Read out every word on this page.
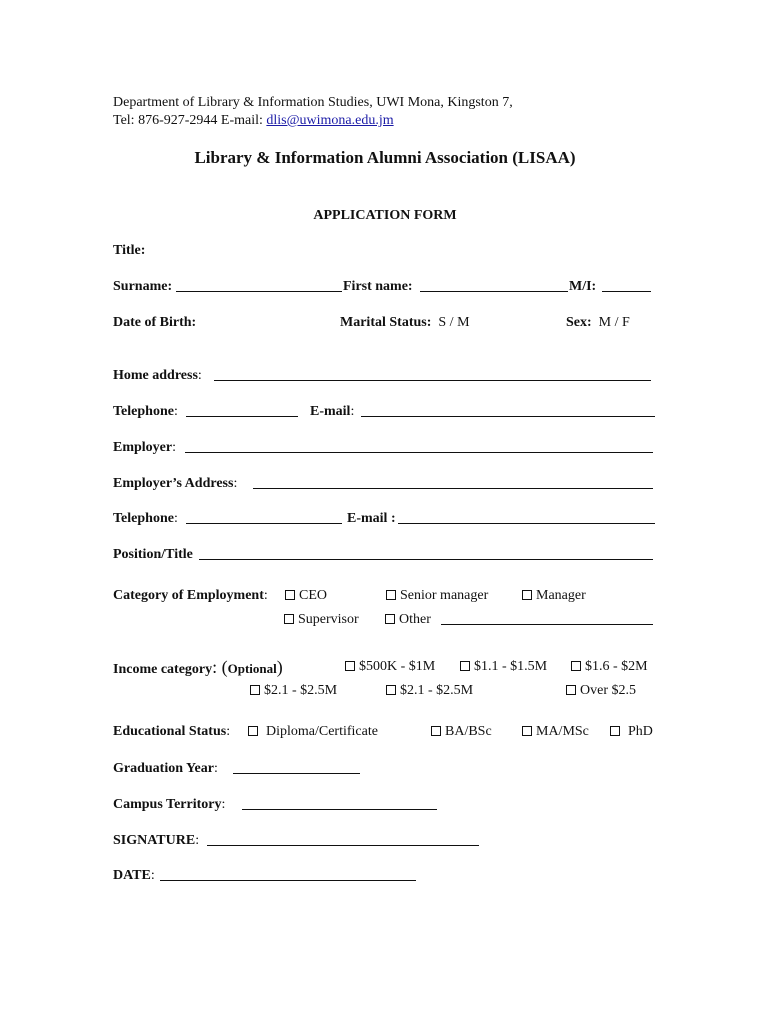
Department of Library & Information Studies, UWI Mona, Kingston 7,
Tel: 876-927-2944 E-mail: dlis@uwimona.edu.jm
Library & Information Alumni Association (LISAA)
APPLICATION FORM
Title:
Surname:	First name:	M/I:
Date of Birth:	Marital Status: S / M	Sex: M / F
Home address:
Telephone:	E-mail:
Employer:
Employer’s Address:
Telephone:	E-mail :
Position/Title
Category of Employment:	CEO	Senior manager	Manager
Supervisor	Other
Income category: (Optional)	$500K - $1M	$1.1 - $1.5M	$1.6 - $2M
$2.1 - $2.5M	$2.1 - $2.5M	Over $2.5
Educational Status:	Diploma/Certificate	BA/BSc	MA/MSc	PhD
Graduation Year:
Campus Territory:
SIGNATURE:
DATE:
